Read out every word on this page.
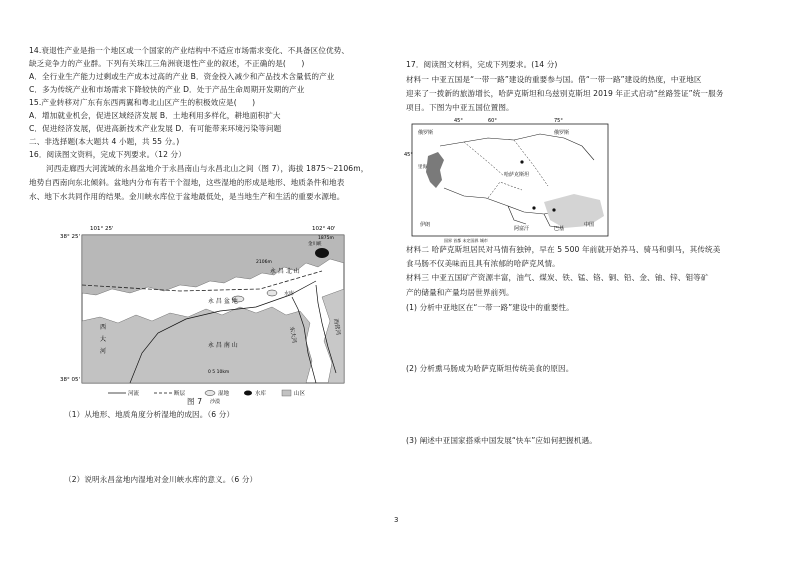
14.衰退性产业是指一个地区或一个国家的产业结构中不适应市场需求变化、不具备区位优势、
缺乏竞争力的产业群。下列有关珠江三角洲衰退性产业的叙述，不正确的是(　　)
A．全行业生产能力过剩或生产成本过高的产业 B．资金投入减少和产品技术含量低的产业
C．多为传统产业和市场需求下降较快的产业 D．处于产品生命周期开发期的产业
15.产业转移对广东有东西两翼和粤北山区产生的积极效应是(　　)
A．增加就业机会，促进区域经济发展 B．土地利用多样化，耕地面积扩大
C．促进经济发展，促进高新技术产业发展 D．有可能带来环境污染等问题
二、非选择题(本大题共 4 小题，共 55 分。)
16．阅读图文资料，完成下列要求。（12 分）
河西走廊西大河流域的永昌盆地介于永昌南山与永昌北山之间（图 7），海拔 1875～2106m，
地势自西南向东北倾斜。盆地内分布有若干个湿地，这些湿地的形成是地形、地质条件和地表
水、地下水共同作用的结果。金川峡水库位于盆地最低处，是当地生产和生活的重要水源地。
101° 25'	102° 40'
38° 25'
38° 05'
永 昌 北 山
永 昌 南 山
永 昌 盆 地
水库
金川峡
西
大
河
东大河	西营河
1875m
2106m
0 5 10km
河流	断层	湿地	水库	山区
沙漠
图 7
（1）从地形、地质角度分析湿地的成因。（6 分）
（2）说明永昌盆地内湿地对金川峡水库的意义。（6 分）
17．阅读图文材料，完成下列要求。(14 分)
材料一 中亚五国是“一带一路”建设的重要参与国。借“一带一路”建设的热度，中亚地区
迎来了一拨新的旅游增长，哈萨克斯坦和乌兹别克斯坦 2019 年正式启动“丝路签证”统一服务
项目。下图为中亚五国位置图。
45°	60°	75°
45°
俄罗斯	俄罗斯
哈萨克斯坦
中国
伊朗
阿富汗	巴基
里海
国界 首都 未定国界 城市
材料二 哈萨克斯坦居民对马情有独钟，早在 5 500 年前就开始养马、骑马和驯马，其传统美
食马肠不仅美味而且具有浓郁的哈萨克风情。
材料三 中亚五国矿产资源丰富，油气、煤炭、铁、锰、铬、铜、铅、金、铀、锌、钼等矿
产的储量和产量均居世界前列。
(1) 分析中亚地区在“一带一路”建设中的重要性。
(2) 分析熏马肠成为哈萨克斯坦传统美食的原因。
(3) 阐述中亚国家搭乘中国发展“快车”应如何把握机遇。
3
